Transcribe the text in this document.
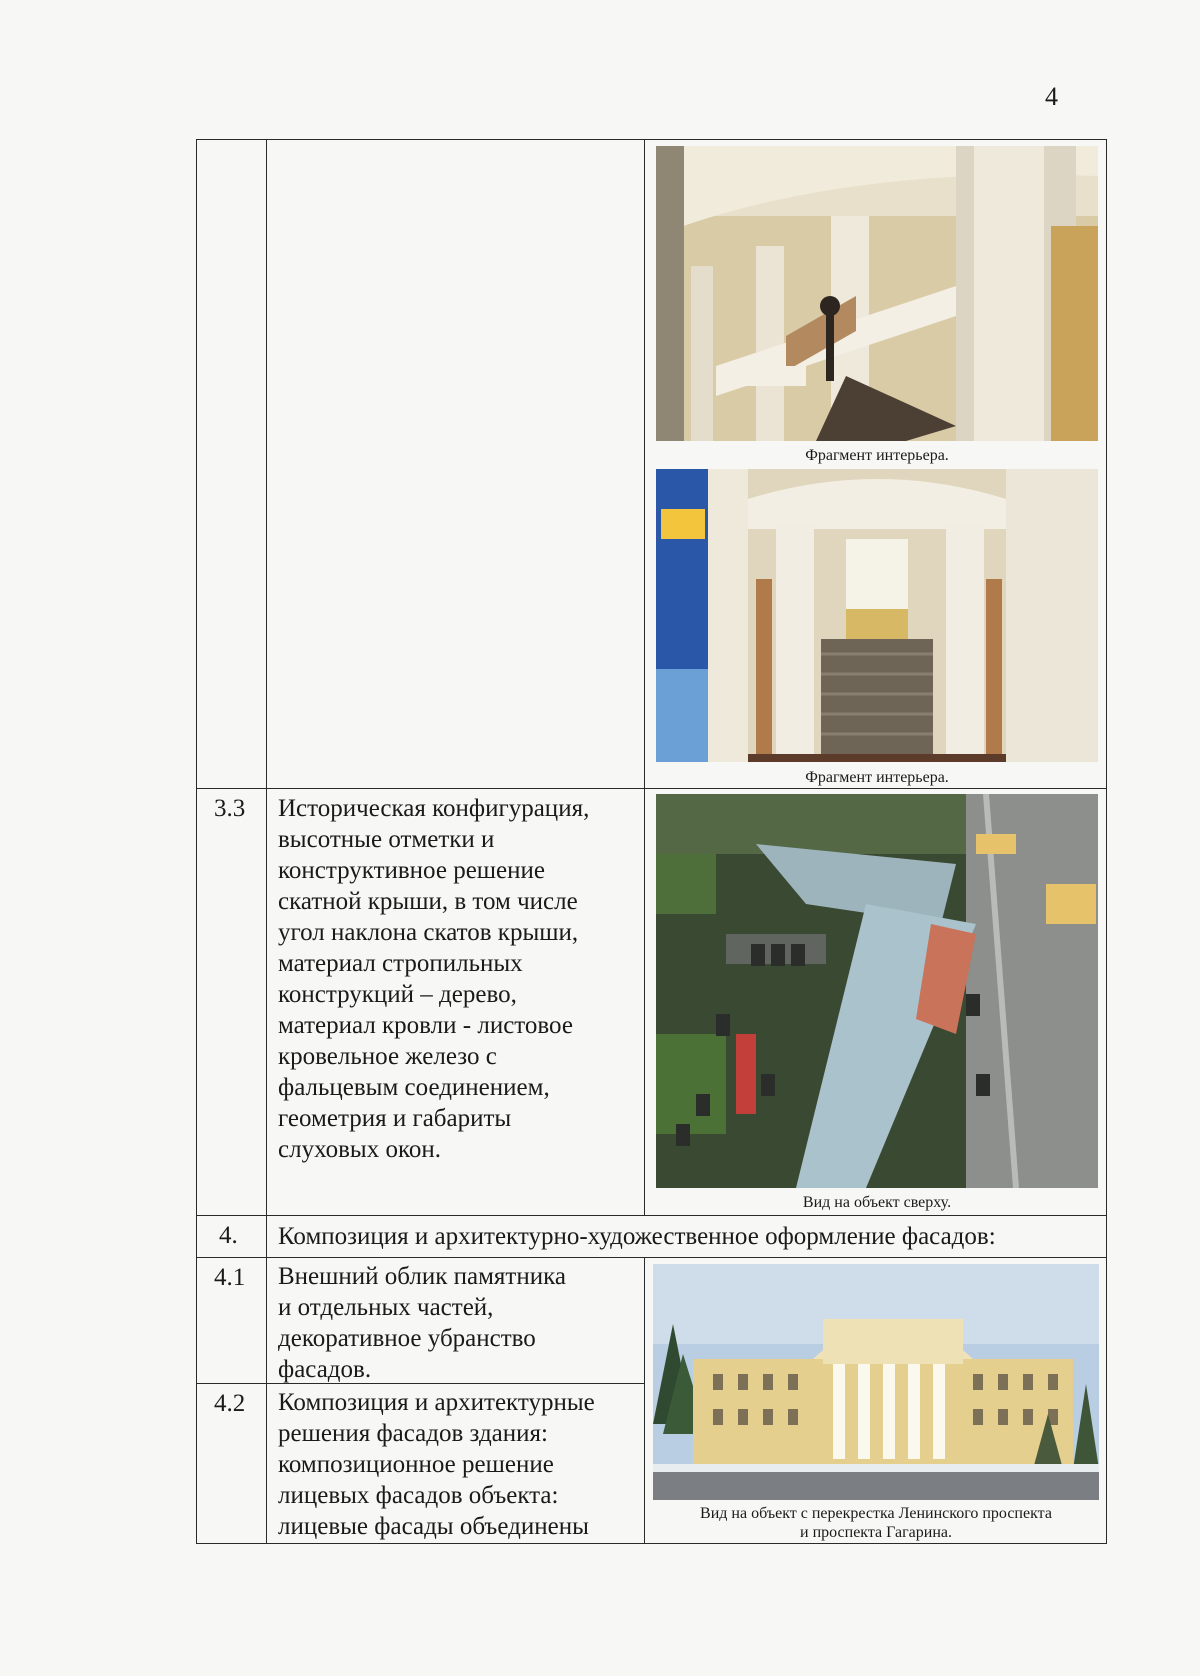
4
Фрагмент интерьера.
Фрагмент интерьера.
3.3 Историческая конфигурация,
высотные отметки и
конструктивное решение
скатной крыши, в том числе
угол наклона скатов крыши,
материал стропильных
конструкций – дерево,
материал кровли - листовое
кровельное железо с
фальцевым соединением,
геометрия и габариты
слуховых окон.
Вид на объект сверху.
4. Композиция и архитектурно-художественное оформление фасадов:
4.1 Внешний облик памятника
и отдельных частей,
декоративное убранство
фасадов.
4.2 Композиция и архитектурные
решения фасадов здания:
композиционное решение
лицевых фасадов объекта:
лицевые фасады объединены	Вид на объект с перекрестка Ленинского проспекта
и проспекта Гагарина.
